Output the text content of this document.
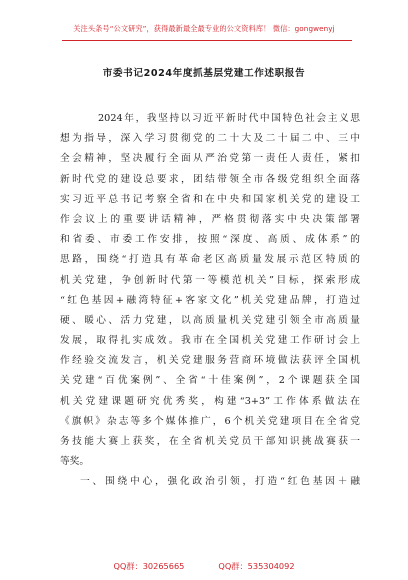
关注头条号“公文研究”，获得最新最全最专业的公文资料库！ 微信：gongwenyj
市委书记2024年度抓基层党建工作述职报告
2024年，我坚持以习近平新时代中国特色社会主义思
想为指导，深入学习贯彻党的二十大及二十届二中、三中
全会精神，坚决履行全面从严治党第一责任人责任，紧扣
新时代党的建设总要求，团结带领全市各级党组织全面落
实习近平总书记考察全省和在中央和国家机关党的建设工
作会议上的重要讲话精神，严格贯彻落实中央决策部署
和省委、市委工作安排，按照“深度、高质、成体系”的
思路，围绕“打造具有革命老区高质量发展示范区特质的
机关党建，争创新时代第一等模范机关”目标，探索形成
“红色基因+融湾特征+客家文化”机关党建品牌，打造过
硬、暖心、活力党建，以高质量机关党建引领全市高质量
发展，取得扎实成效。我市在全国机关党建工作研讨会上
作经验交流发言，机关党建服务营商环境做法获评全国机
关党建“百优案例”、全省“十佳案例”，2个课题获全国
机关党建课题研究优秀奖，构建“3+3”工作体系做法在
《旗帜》杂志等多个媒体推广，6个机关党建项目在全省党
务技能大赛上获奖，在全省机关党员干部知识挑战赛获一
等奖。
一、围绕中心，强化政治引领，打造“红色基因＋融
QQ群：30265665	QQ群：535304092
